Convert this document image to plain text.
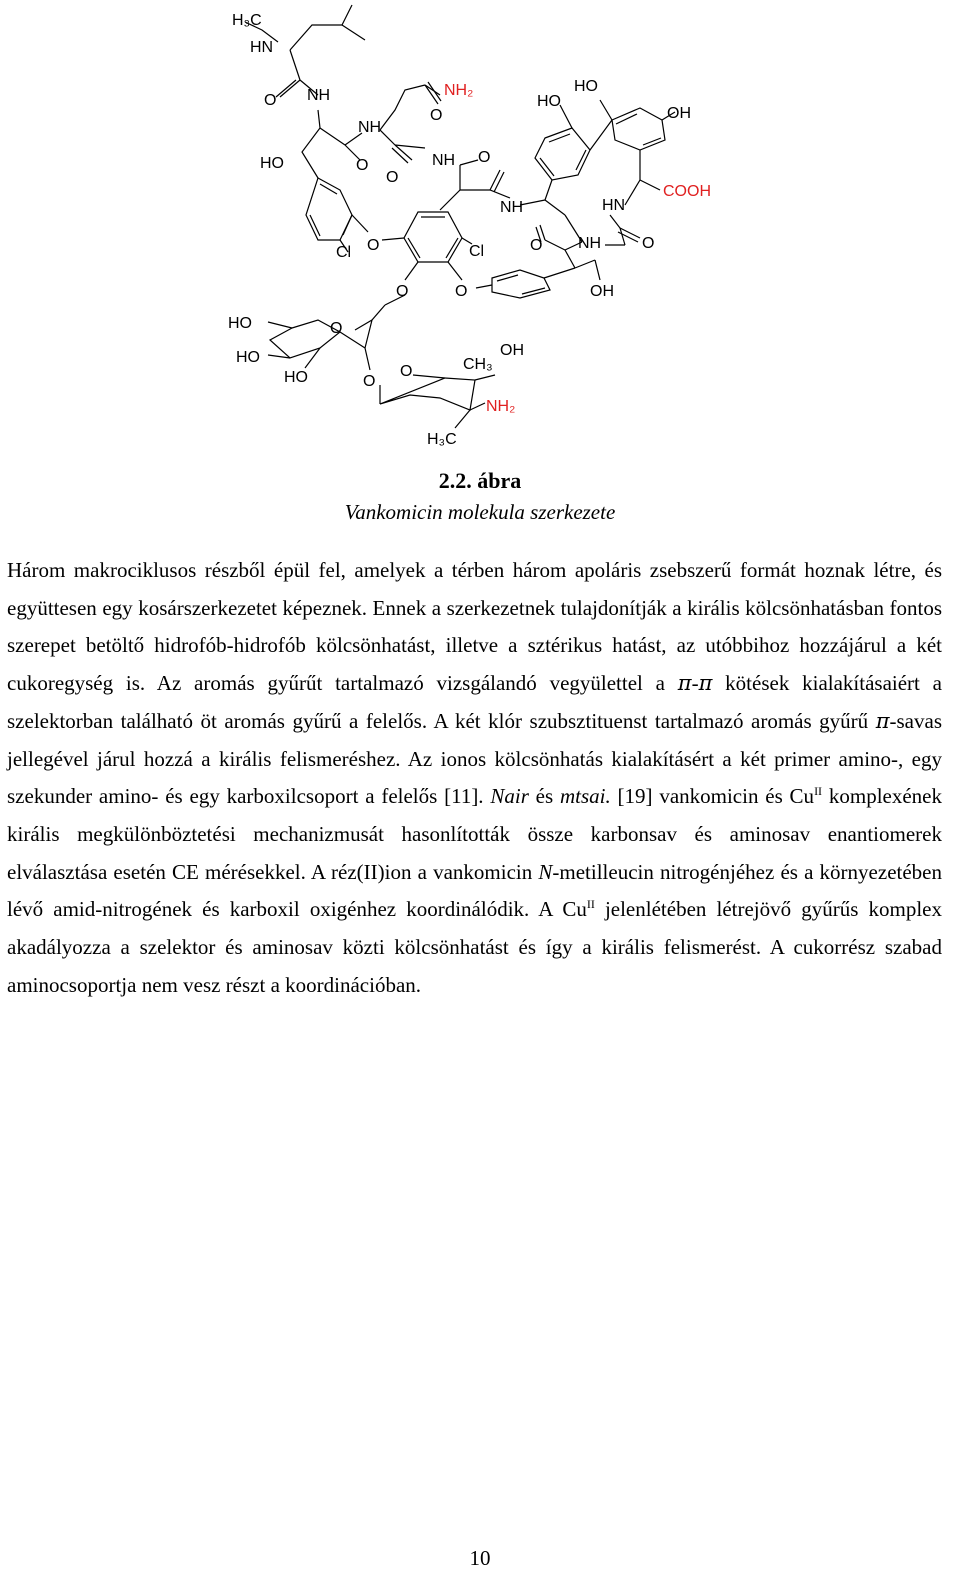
H₃C
HN
O NH
HO
NH
O
O
NH₂
O
O
NH
O
NH
HO
HO
OH
HN
COOH
NH	O
Cl O	Cl
O	O	OH
HO	O
HO
HO	O
O	CH₃
OH
NH₂
H₃C
2.2. ábra
Vankomicin molekula szerkezete

Három makrociklusos részből épül fel, amelyek a térben három apoláris zsebszerű formát hoznak létre, és együttesen egy kosárszerkezetet képeznek. Ennek a szerkezetnek tulajdonítják a királis kölcsönhatásban fontos szerepet betöltő hidrofób-hidrofób kölcsönhatást, illetve a sztérikus hatást, az utóbbihoz hozzájárul a két cukoregység is. Az aromás gyűrűt tartalmazó vizsgálandó vegyülettel a π-π kötések kialakításaiért a szelektorban található öt aromás gyűrű a felelős. A két klór szubsztituenst tartalmazó aromás gyűrű π-savas jellegével járul hozzá a királis felismeréshez. Az ionos kölcsönhatás kialakításért a két primer amino-, egy szekunder amino- és egy karboxilcsoport a felelős [11]. Nair és mtsai. [19] vankomicin és $Cu^{II}$ komplexének királis megkülönböztetési mechanizmusát hasonlították össze karbonsav és aminosav enantiomerek elválasztása esetén CE mérésekkel. A réz(II)ion a vankomicin N-metilleucin nitrogénjéhez és a környezetében lévő amid-nitrogének és karboxil oxigénhez koordinálódik. A $Cu^{II}$ jelenlétében létrejövő gyűrűs komplex akadályozza a szelektor és aminosav közti kölcsönhatást és így a királis felismerést. A cukorrész szabad aminocsoportja nem vesz részt a koordinációban.

10
